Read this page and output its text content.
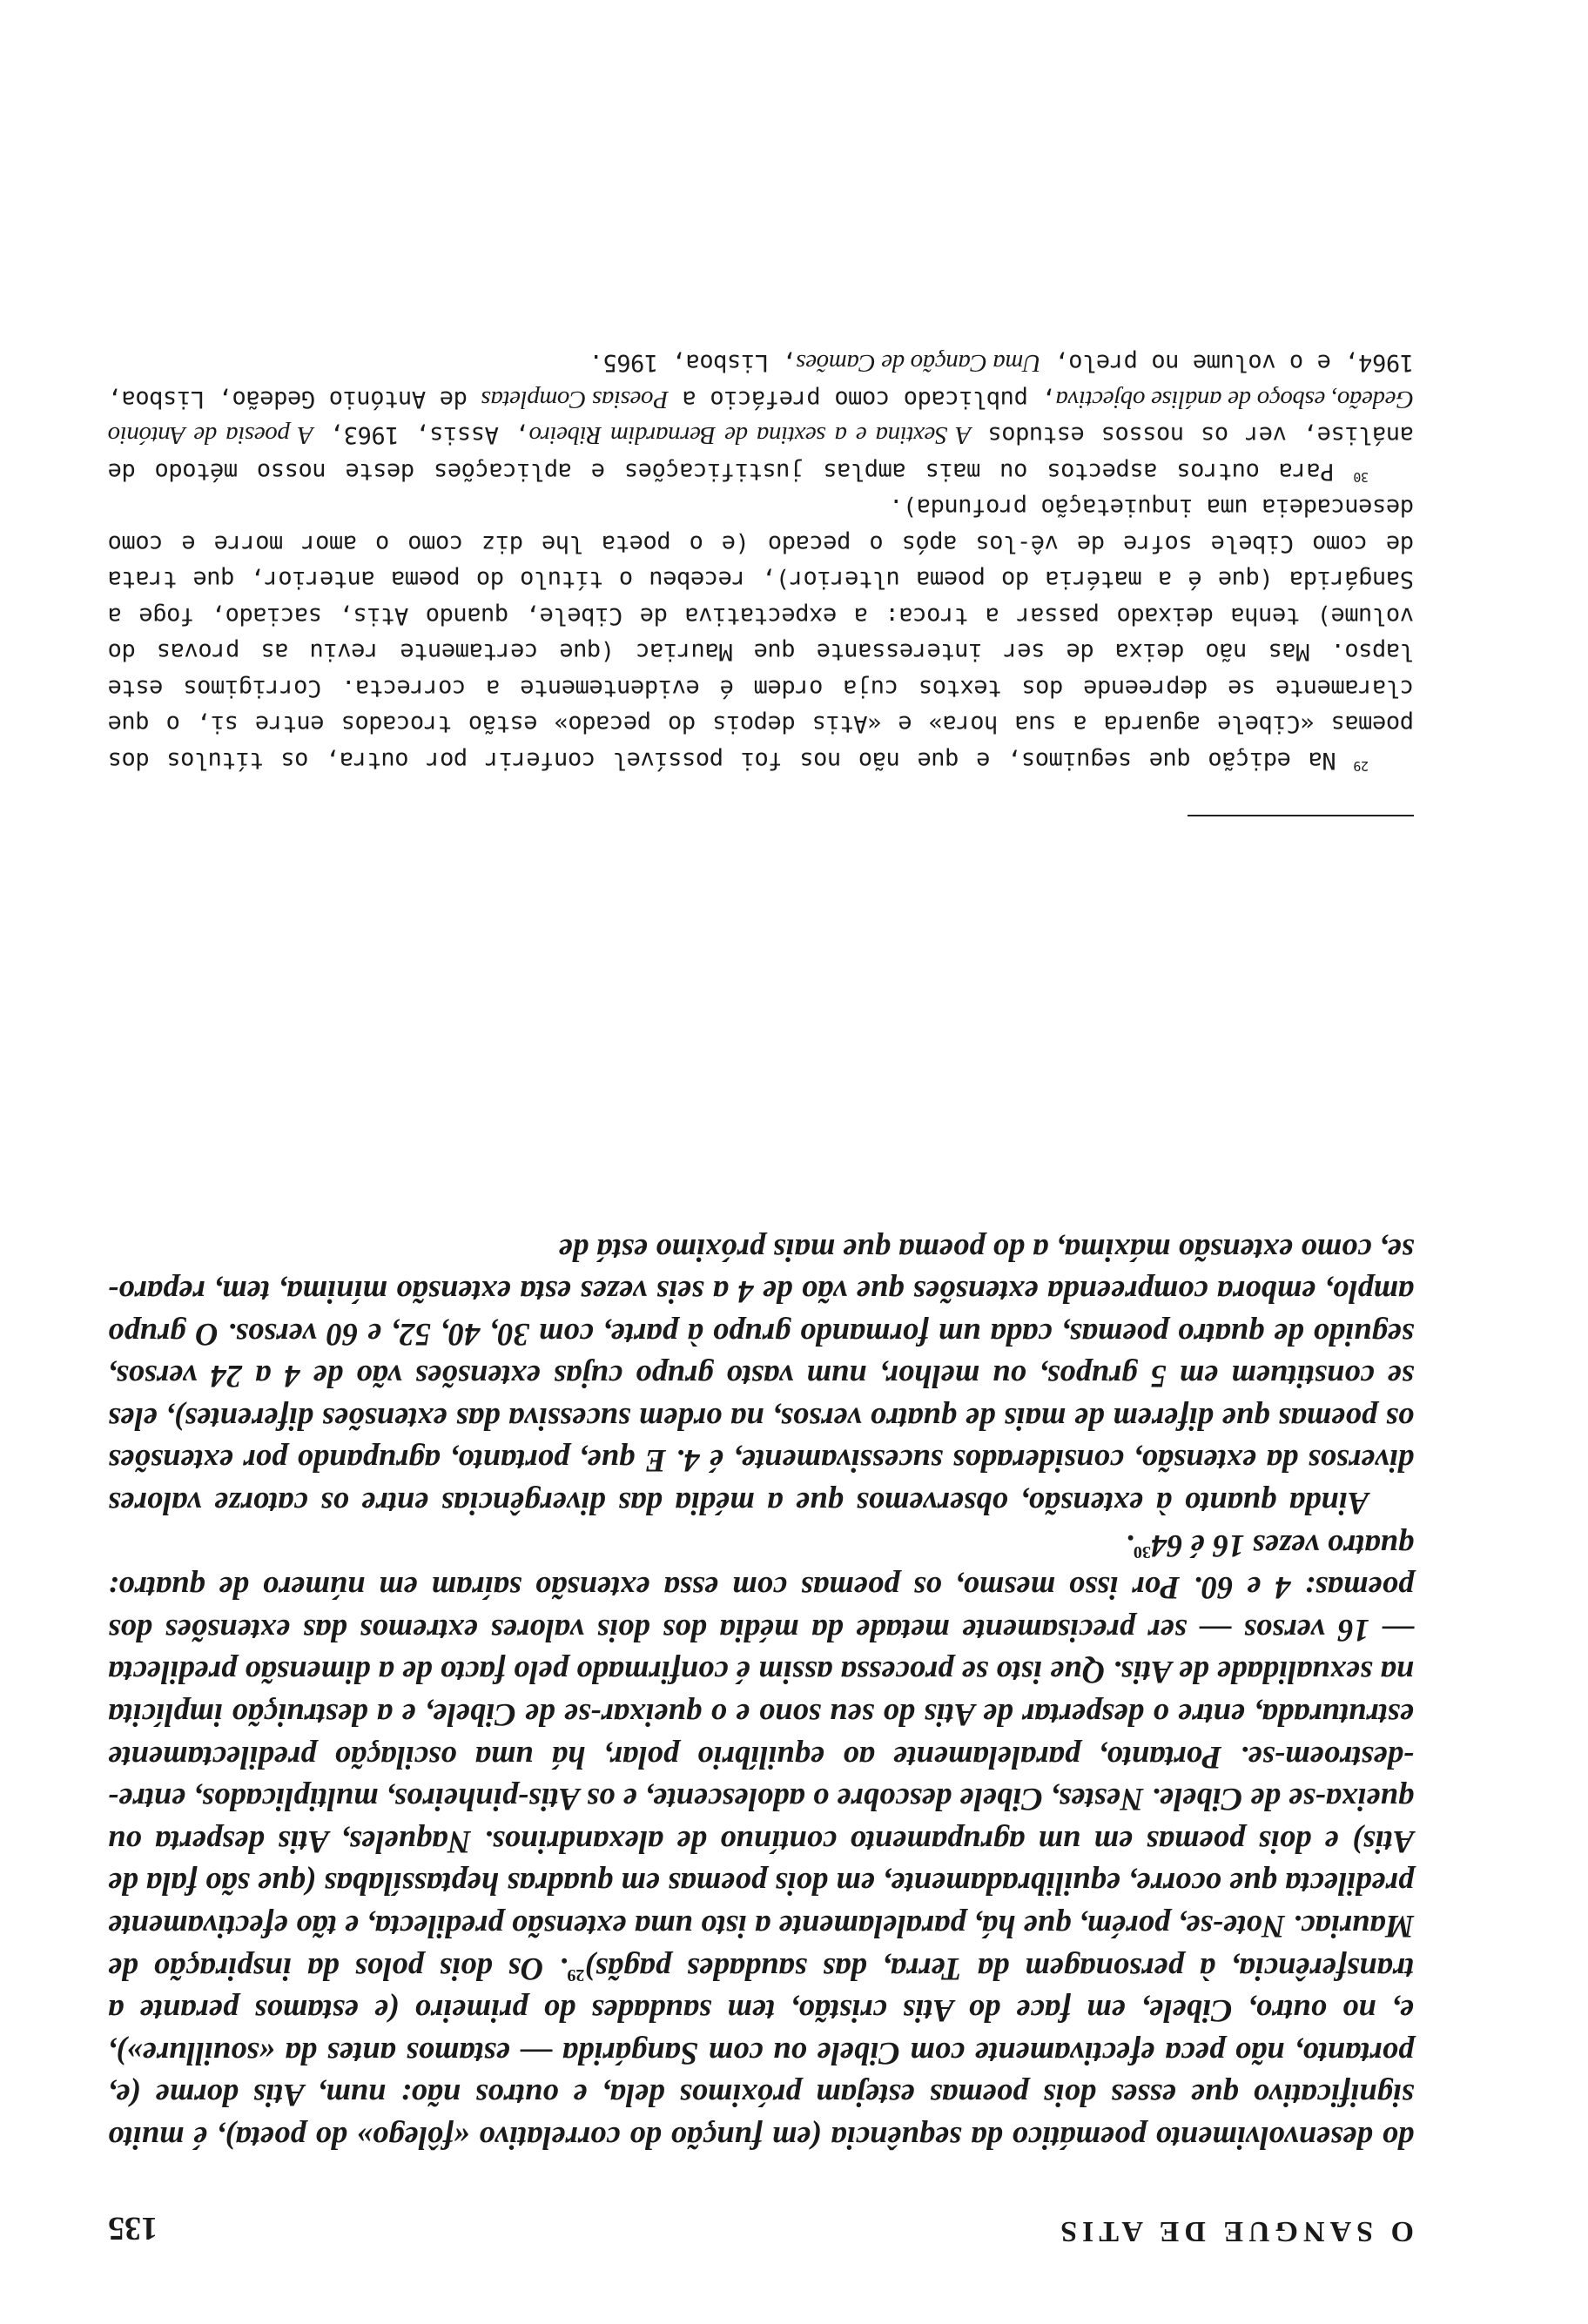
O SANGUE DE ATIS
135

do desenvolvimento poemático da sequência (em função do correlativo «fôlego» do poeta), é muito significativo que esses dois poemas estejam próximos dela, e outros não: num, Atis dorme (e, portanto, não peca efectivamente com Cibele ou com Sangárida — estamos antes da «souillure»), e, no outro, Cibele, em face do Atis cristão, tem saudades do primeiro (e estamos perante a transferência, à personagem da Terra, das saudades pagãs)$^{29}$. Os dois polos da inspiração de Mauriac. Note-se, porém, que há, paralelamente a isto uma extensão predilecta, e tão efectivamente predilecta que ocorre, equilibradamente, em dois poemas em quadras heptassílabas (que são fala de Atis) e dois poemas em um agrupamento contínuo de alexandrinos. Naqueles, Atis desperta ou queixa-se de Cibele. Nestes, Cibele descobre o adolescente, e os Atis-pinheiros, multiplicados, entre--destroem-se. Portanto, paralelamente ao equilíbrio polar, há uma oscilação predilectamente estruturada, entre o despertar de Atis do seu sono e o queixar-se de Cibele, e a destruição implícita na sexualidade de Atis. Que isto se processa assim é confirmado pelo facto de a dimensão predilecta — 16 versos — ser precisamente metade da média dos dois valores extremos das extensões dos poemas: 4 e 60. Por isso mesmo, os poemas com essa extensão saíram em número de quatro: quatro vezes 16 é 64$^{30}$.

Ainda quanto à extensão, observemos que a média das divergências entre os catorze valores diversos da extensão, considerados sucessivamente, é 4. E que, portanto, agrupando por extensões os poemas que diferem de mais de quatro versos, na ordem sucessiva das extensões diferentes), eles se constituem em 5 grupos, ou melhor, num vasto grupo cujas extensões vão de 4 a 24 versos, seguido de quatro poemas, cada um formando grupo à parte, com 30, 40, 52, e 60 versos. O grupo amplo, embora compreenda extensões que vão de 4 a seis vezes esta extensão mínima, tem, reparo-se, como extensão máxima, a do poema que mais próximo está de

$^{29}$ Na edição que seguimos, e que não nos foi possível conferir por outra, os títulos dos poemas «Cibele aguarda a sua hora» e «Atis depois do pecado» estão trocados entre si, o que claramente se depreende dos textos cuja ordem é evidentemente a correcta. Corrigimos este lapso. Mas não deixa de ser interessante que Mauriac (que certamente reviu as provas do volume) tenha deixado passar a troca: a expectativa de Cibele, quando Atis, saciado, foge a Sangárida (que é a matéria do poema ulterior), recebeu o título do poema anterior, que trata de como Cibele sofre de vê-los após o pecado (e o poeta lhe diz como o amor morre e como desencadeia uma inquietação profunda).

$^{30}$ Para outros aspectos ou mais amplas justificações e aplicações deste nosso método de análise, ver os nossos estudos A Sextina e a sextina de Bernardim Ribeiro, Assis, 1963, A poesia de António Gedeão, esboço de análise objectiva, publicado como prefácio a Poesias Completas de António Gedeão, Lisboa, 1964, e o volume no prelo, Uma Canção de Camões, Lisboa, 1965.
